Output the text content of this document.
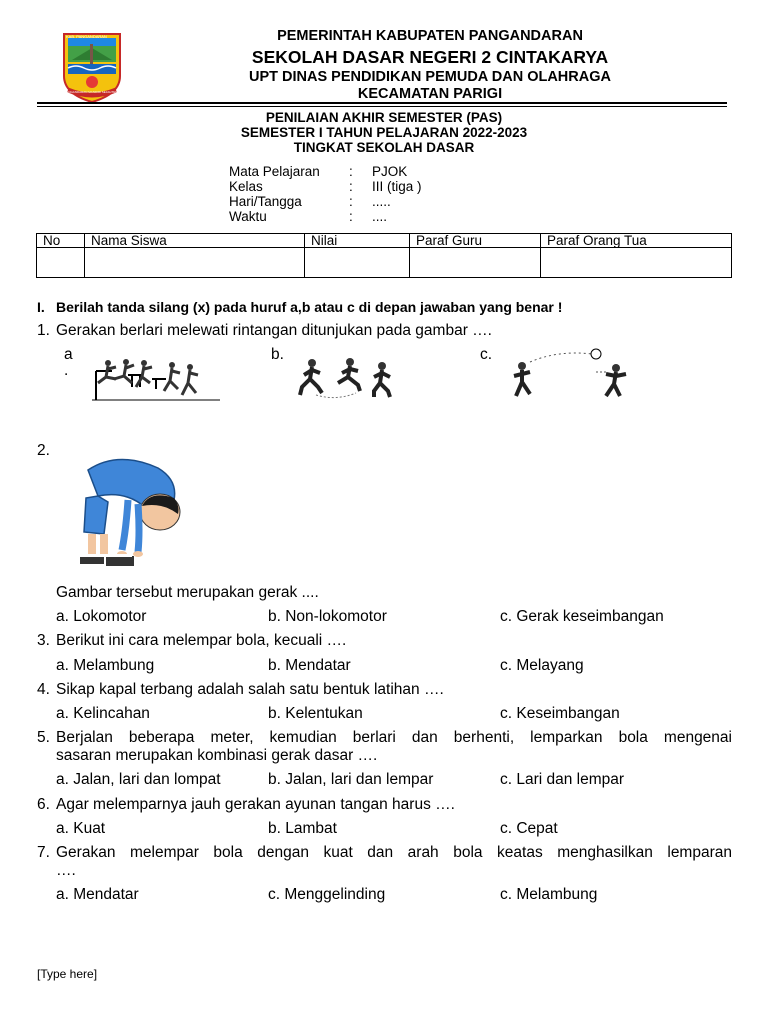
KAB. PANGANDARAN
PANGANDARAN MANDIRI SEJAHTERA
PEMERINTAH KABUPATEN PANGANDARAN
SEKOLAH DASAR NEGERI 2 CINTAKARYA
UPT DINAS PENDIDIKAN PEMUDA DAN OLAHRAGA
KECAMATAN PARIGI
PENILAIAN AKHIR SEMESTER (PAS)
SEMESTER I TAHUN PELAJARAN 2022-2023
TINGKAT SEKOLAH DASAR
Mata Pelajaran : PJOK
Kelas	: III (tiga )
Hari/Tangga	: .....
Waktu	: ....
No	Nama Siswa	Nilai	Paraf Guru	Paraf Orang Tua

I. Berilah tanda silang (x) pada huruf a,b atau c di depan jawaban yang benar !
1. Gerakan berlari melewati rintangan ditunjukan pada gambar ….
a
.
b.	c.
2.
Gambar tersebut merupakan gerak ....
a. Lokomotor	b. Non-lokomotor	c. Gerak keseimbangan
3. Berikut ini cara melempar bola, kecuali ….
a. Melambung	b. Mendatar	c. Melayang
4. Sikap kapal terbang adalah salah satu bentuk latihan ….
a. Kelincahan	b. Kelentukan	c. Keseimbangan
5. Berjalan beberapa meter, kemudian berlari dan berhenti, lemparkan bola mengenai
sasaran merupakan kombinasi gerak dasar ….
a. Jalan, lari dan lompat	b. Jalan, lari dan lempar	c. Lari dan lempar
6. Agar melemparnya jauh gerakan ayunan tangan harus ….
a. Kuat	b. Lambat	c. Cepat
7. Gerakan melempar bola dengan kuat dan arah bola keatas menghasilkan lemparan
….
a. Mendatar	c. Menggelinding	c. Melambung
[Type here]
